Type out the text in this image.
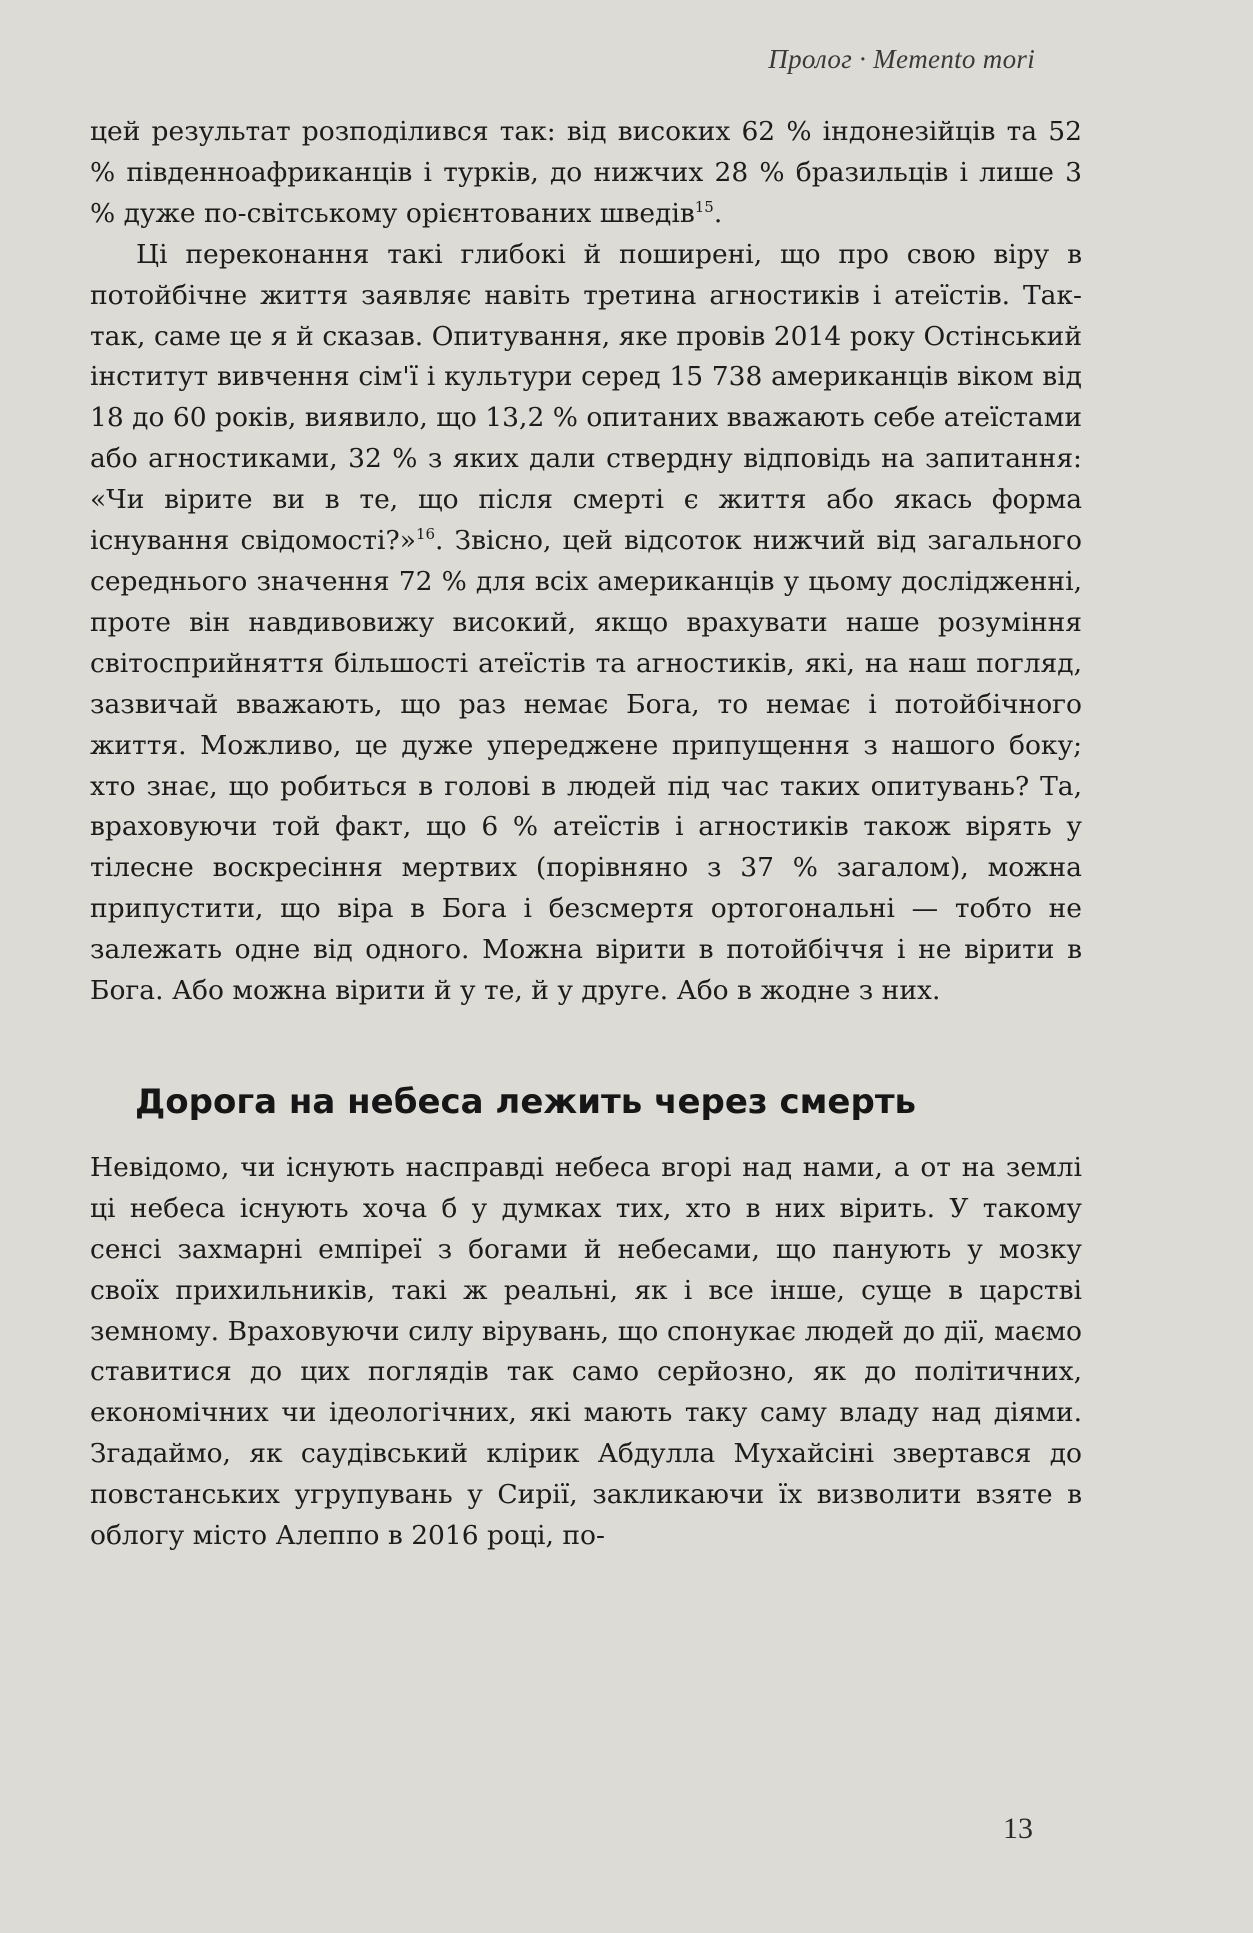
Пролог · Memento mori

цей результат розподілився так: від високих 62 % індонезійців та 52 % південноафриканців і турків, до нижчих 28 % бразильців і лише 3 % дуже по-світському орієнтованих шведів$^{15}$.

Ці переконання такі глибокі й поширені, що про свою віру в потойбічне життя заявляє навіть третина агностиків і атеїстів. Так-так, саме це я й сказав. Опитування, яке провів 2014 року Остінський інститут вивчення сім'ї і культури серед 15 738 американців віком від 18 до 60 років, виявило, що 13,2 % опитаних вважають себе атеїстами або агностиками, 32 % з яких дали ствердну відповідь на запитання: «Чи вірите ви в те, що після смерті є життя або якась форма існування свідомості?»$^{16}$. Звісно, цей відсоток нижчий від загального середнього значення 72 % для всіх американців у цьому дослідженні, проте він навдивовижу високий, якщо врахувати наше розуміння світосприйняття більшості атеїстів та агностиків, які, на наш погляд, зазвичай вважають, що раз немає Бога, то немає і потойбічного життя. Можливо, це дуже упереджене припущення з нашого боку; хто знає, що робиться в голові в людей під час таких опитувань? Та, враховуючи той факт, що 6 % атеїстів і агностиків також вірять у тілесне воскресіння мертвих (порівняно з 37 % загалом), можна припустити, що віра в Бога і безсмертя ортогональні — тобто не залежать одне від одного. Можна вірити в потойбіччя і не вірити в Бога. Або можна вірити й у те, й у друге. Або в жодне з них.

Дорога на небеса лежить через смерть

Невідомо, чи існують насправді небеса вгорі над нами, а от на землі ці небеса існують хоча б у думках тих, хто в них вірить. У такому сенсі захмарні емпіреї з богами й небесами, що панують у мозку своїх прихильників, такі ж реальні, як і все інше, суще в царстві земному. Враховуючи силу вірувань, що спонукає людей до дії, маємо ставитися до цих поглядів так само серйозно, як до політичних, економічних чи ідеологічних, які мають таку саму владу над діями. Згадаймо, як саудівський клірик Абдулла Мухайсіні звертався до повстанських угрупувань у Сирії, закликаючи їх визволити взяте в облогу місто Алеппо в 2016 році, по-

13
